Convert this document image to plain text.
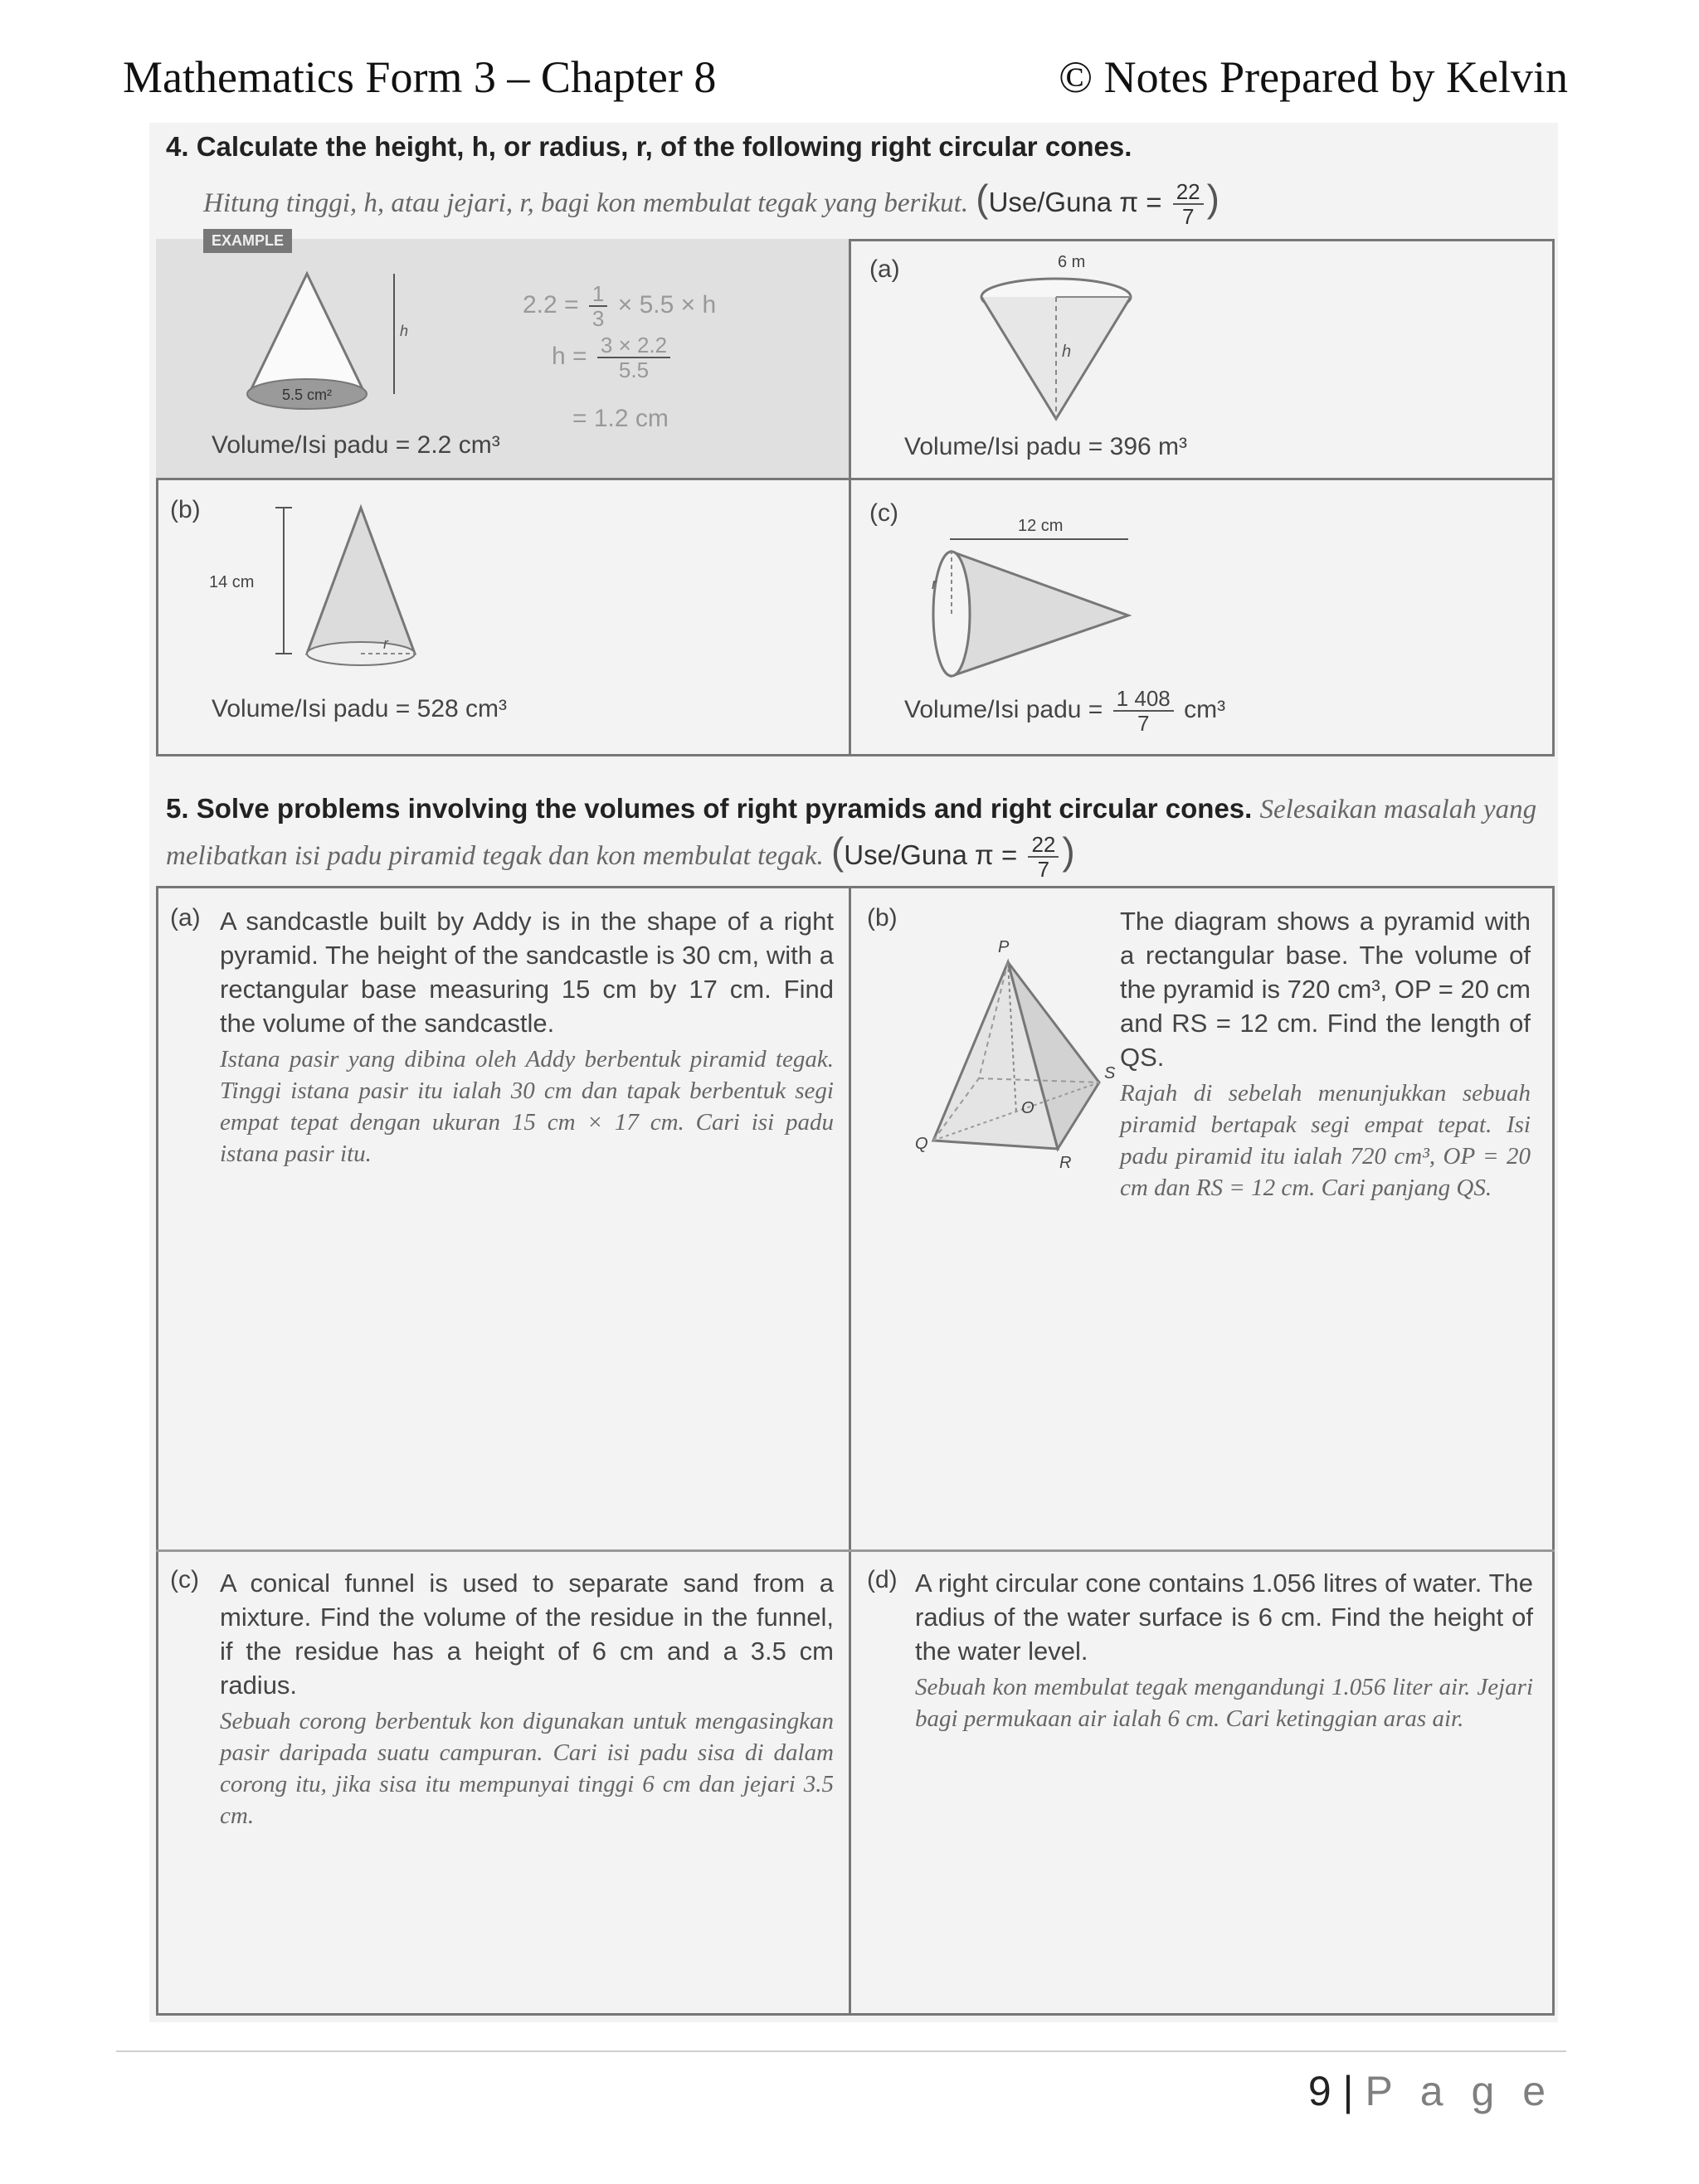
Mathematics Form 3 – Chapter 8	© Notes Prepared by Kelvin
4. Calculate the height, h, or radius, r, of the following right circular cones.
Hitung tinggi, h, atau jejari, r, bagi kon membulat tegak yang berikut. (Use/Guna $\pi = \frac{22}{7}$ )
EXAMPLE
5.5 cm²
h
$2.2 = \frac{1}{3} \times 5.5 \times h$
$h = \frac{3 \times 2.2}{5.5}$
= 1.2 cm
Volume/Isi padu = 2.2 cm³
(a)	6 m
h
Volume/Isi padu = 396 m³
(b)
14 cm
r
Volume/Isi padu = 528 cm³
(c)	12 cm
r
Volume/Isi padu = $\frac{1 408}{7} cm^3$
5. Solve problems involving the volumes of right pyramids and right circular cones. Selesaikan masalah yang melibatkan isi padu piramid tegak dan kon membulat tegak. (Use/Guna $\pi = \frac{22}{7}$ )
(a) A sandcastle built by Addy is in the shape of a right pyramid. The height of the sandcastle is 30 cm, with a rectangular base measuring 15 cm by 17 cm. Find the volume of the sandcastle.
Istana pasir yang dibina oleh Addy berbentuk piramid tegak. Tinggi istana pasir itu ialah 30 cm dan tapak berbentuk segi empat tepat dengan ukuran 15 cm × 17 cm. Cari isi padu istana pasir itu.
(b)
P
S
O
Q
R
The diagram shows a pyramid with a rectangular base. The volume of the pyramid is 720 cm³, OP = 20 cm and RS = 12 cm. Find the length of QS.
Rajah di sebelah menunjukkan sebuah piramid bertapak segi empat tepat. Isi padu piramid itu ialah 720 cm³, OP = 20 cm dan RS = 12 cm. Cari panjang QS.
(c) A conical funnel is used to separate sand from a mixture. Find the volume of the residue in the funnel, if the residue has a height of 6 cm and a 3.5 cm radius.
Sebuah corong berbentuk kon digunakan untuk mengasingkan pasir daripada suatu campuran. Cari isi padu sisa di dalam corong itu, jika sisa itu mempunyai tinggi 6 cm dan jejari 3.5 cm.
(d) A right circular cone contains 1.056 litres of water. The radius of the water surface is 6 cm. Find the height of the water level.
Sebuah kon membulat tegak mengandungi 1.056 liter air. Jejari bagi permukaan air ialah 6 cm. Cari ketinggian aras air.
9 | P a g e
